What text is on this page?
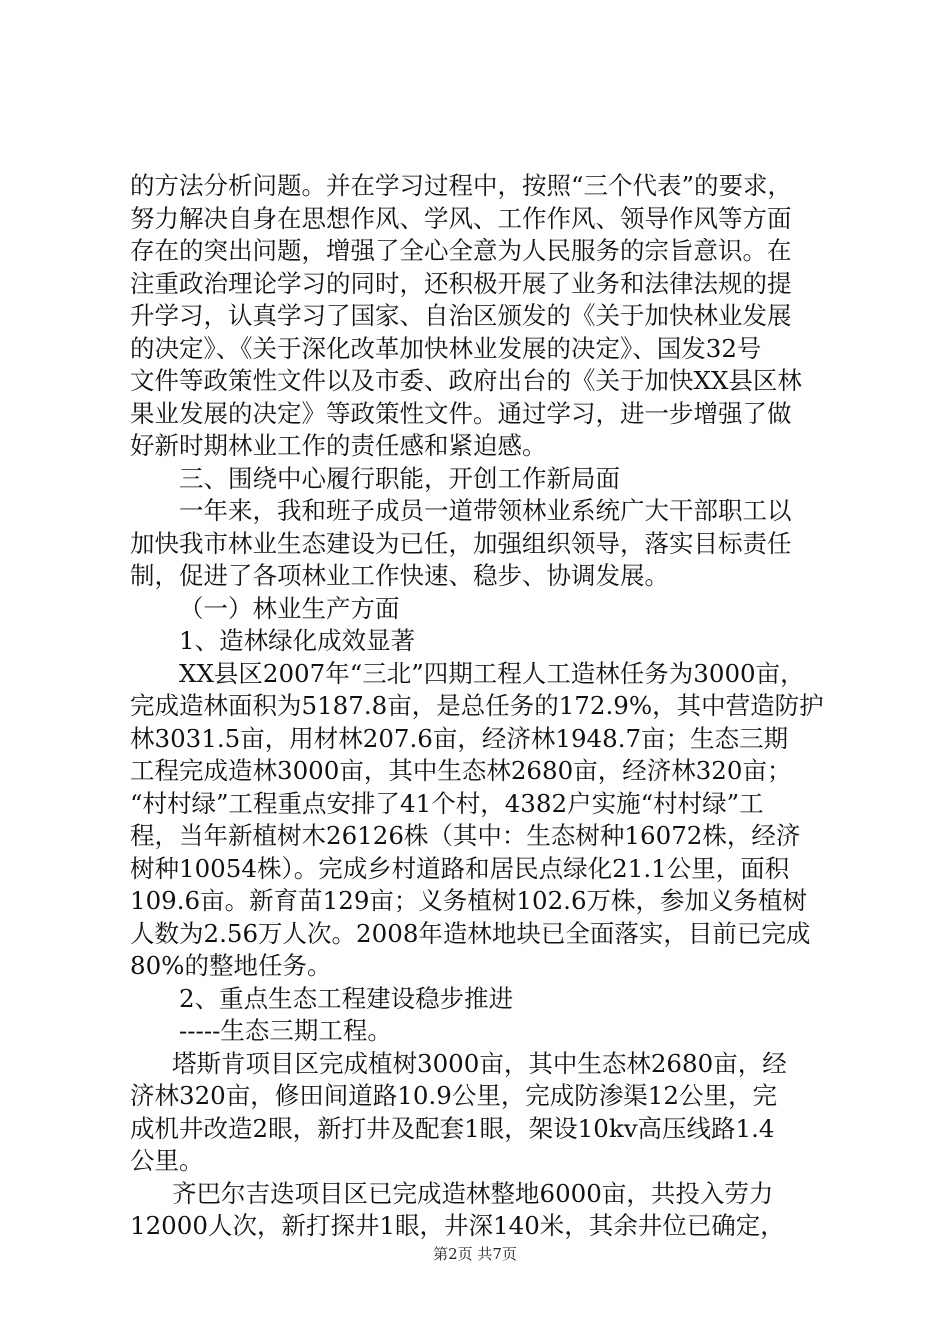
的方法分析问题。并在学习过程中，按照“三个代表”的要求，
努力解决自身在思想作风、学风、工作作风、领导作风等方面
存在的突出问题，增强了全心全意为人民服务的宗旨意识。在
注重政治理论学习的同时，还积极开展了业务和法律法规的提
升学习，认真学习了国家、自治区颁发的《关于加快林业发展
的决定》、《关于深化改革加快林业发展的决定》、国发32号
文件等政策性文件以及市委、政府出台的《关于加快XX县区林
果业发展的决定》等政策性文件。通过学习，进一步增强了做
好新时期林业工作的责任感和紧迫感。
三、围绕中心履行职能，开创工作新局面
一年来，我和班子成员一道带领林业系统广大干部职工以
加快我市林业生态建设为已任，加强组织领导，落实目标责任
制，促进了各项林业工作快速、稳步、协调发展。
（一）林业生产方面
1、造林绿化成效显著
XX县区2007年“三北”四期工程人工造林任务为3000亩，
完成造林面积为5187.8亩，是总任务的172.9%，其中营造防护
林3031.5亩，用材林207.6亩，经济林1948.7亩；生态三期
工程完成造林3000亩，其中生态林2680亩，经济林320亩；
“村村绿”工程重点安排了41个村，4382户实施“村村绿”工
程，当年新植树木26126株（其中：生态树种16072株，经济
树种10054株）。完成乡村道路和居民点绿化21.1公里，面积
109.6亩。新育苗129亩；义务植树102.6万株，参加义务植树
人数为2.56万人次。2008年造林地块已全面落实，目前已完成
80%的整地任务。
2、重点生态工程建设稳步推进
-----生态三期工程。
塔斯肯项目区完成植树3000亩，其中生态林2680亩，经
济林320亩，修田间道路10.9公里，完成防渗渠12公里，完
成机井改造2眼，新打井及配套1眼，架设10kv高压线路1.4
公里。
齐巴尔吉迭项目区已完成造林整地6000亩，共投入劳力
12000人次，新打探井1眼，井深140米，其余井位已确定，
第2页 共7页
